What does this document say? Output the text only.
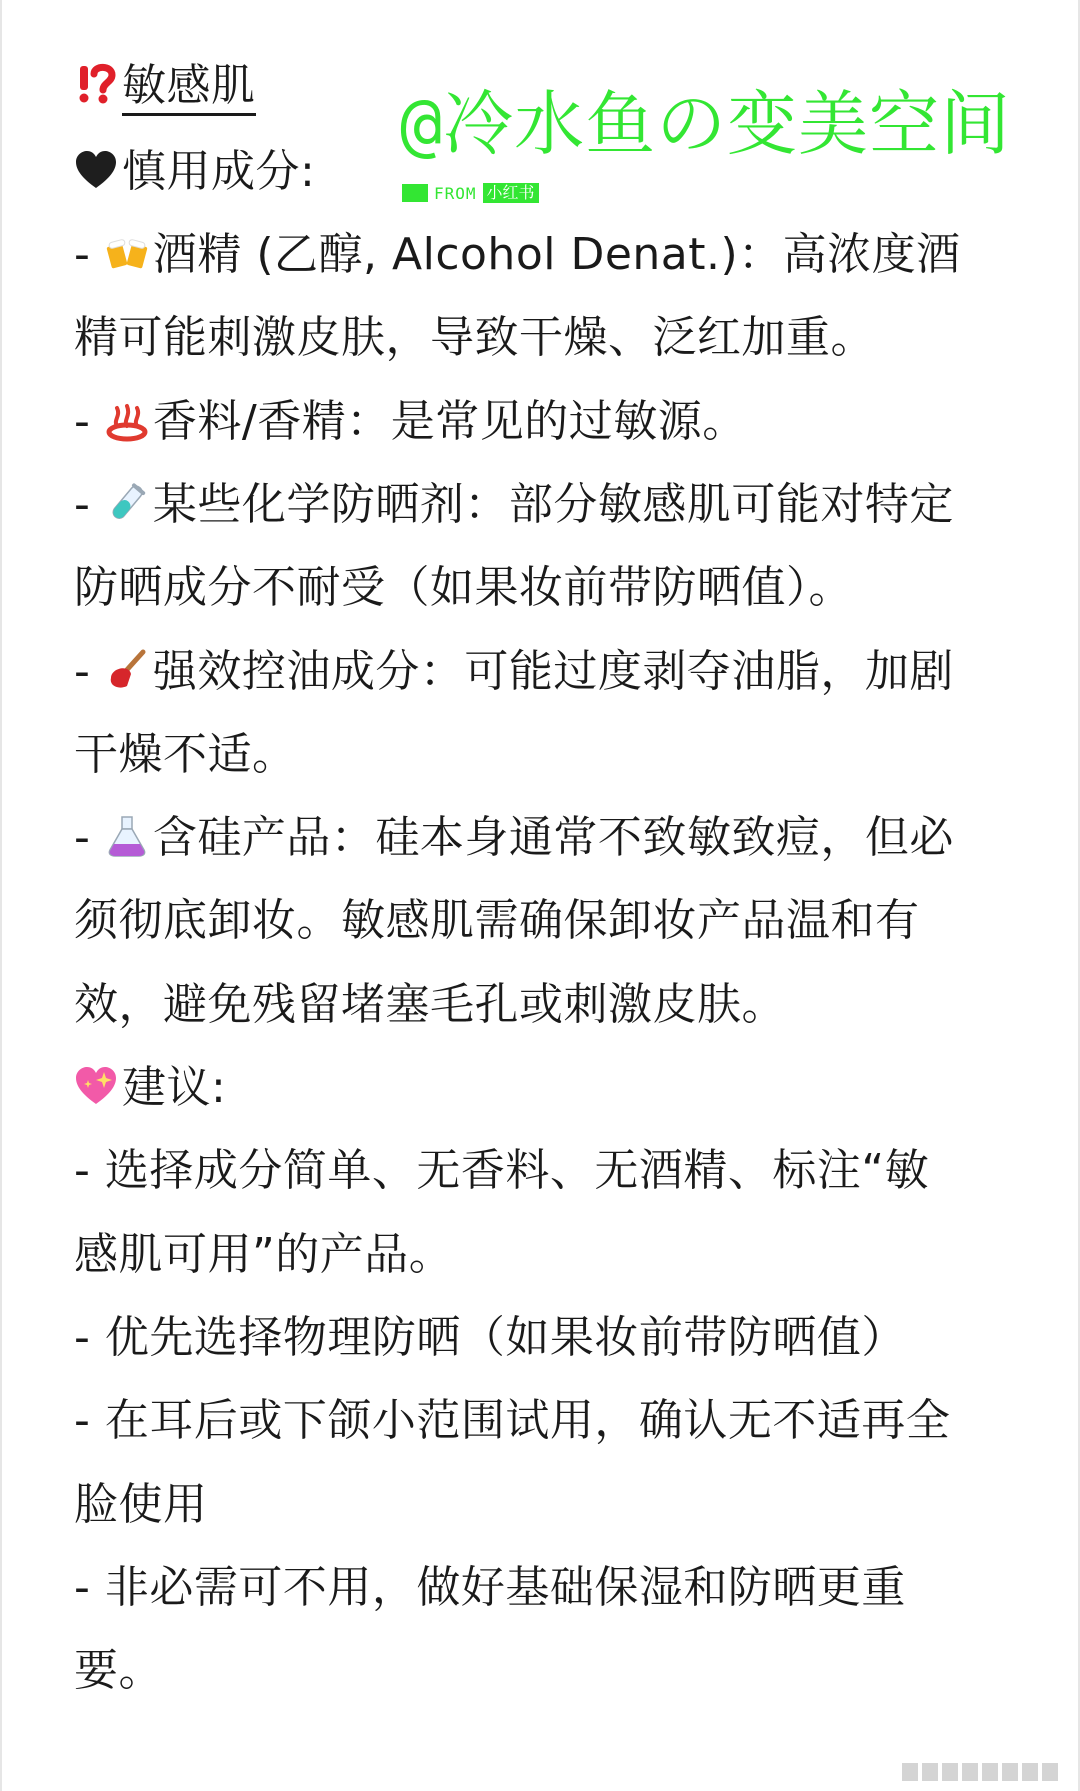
@冷水鱼の变美空间
FROM 小红书
敏感肌
慎用成分:
-
酒精 (乙醇, Alcohol Denat.)：高浓度酒
精可能刺激皮肤，导致干燥、泛红加重。
-
香料/香精：是常见的过敏源。
-
某些化学防晒剂：部分敏感肌可能对特定
防晒成分不耐受（如果妆前带防晒值）。
-
强效控油成分：可能过度剥夺油脂，加剧
干燥不适。
-
含硅产品：硅本身通常不致敏致痘，但必
须彻底卸妆。敏感肌需确保卸妆产品温和有
效，避免残留堵塞毛孔或刺激皮肤。
建议:
- 选择成分简单、无香料、无酒精、标注“敏
感肌可用”的产品。
- 优先选择物理防晒（如果妆前带防晒值）
- 在耳后或下颌小范围试用，确认无不适再全
脸使用
- 非必需可不用，做好基础保湿和防晒更重
要。
